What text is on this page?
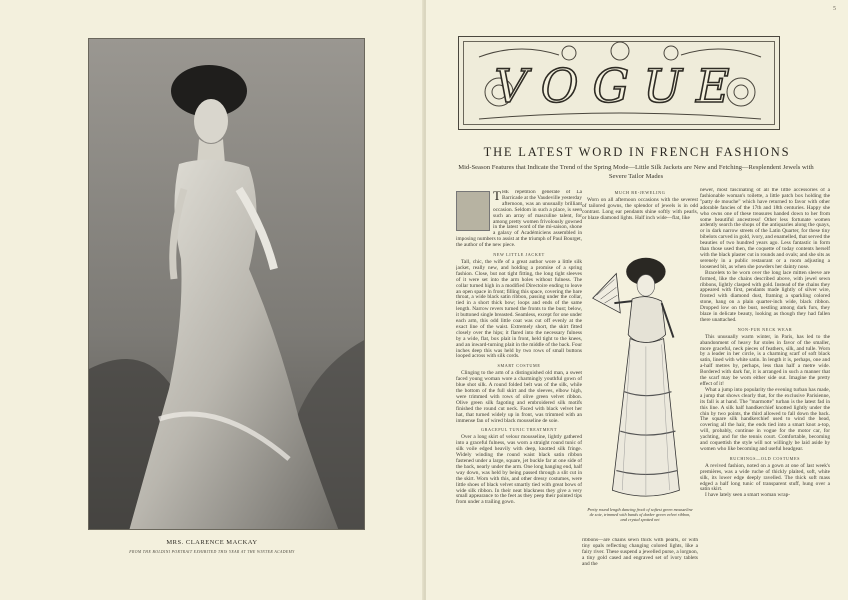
MRS. CLARENCE MACKAY
FROM THE BOLDINI PORTRAIT EXHIBITED THIS YEAR AT THE WINTER ACADEMY
5
VOGUE
THE LATEST WORD IN FRENCH FASHIONS
Mid-Season Features that Indicate the Trend of the Spring Mode—Little Silk Jackets are New and Fetching—Resplendent Jewels with Severe Tailor Mades
T HE répétition générale of La Barricade at the Vaudeville yesterday afternoon, was an unusually brilliant occasion. Seldom in such a place, is seen such an array of masculine talent, for among pretty women frivolously gowned in the latest word of the mi-saison, shone a galaxy of Académiciens assembled in imposing numbers to assist at the triumph of Paul Bourget, the author of the new piece.
NEW LITTLE JACKET

Tall, chic, the wife of a great author wore a little silk jacket, really new, and holding a promise of a spring fashion. Close, but not tight fitting, the long tight sleeves of it were set into the arm holes without fulness. The collar turned high in a modified Directoire ending to leave an open space in front; filling this space, covering the bare throat, a wide black satin ribbon, passing under the collar, tied in a short thick bow; loops and ends of the same length. Narrow revers turned the fronts to the bust; below, it buttoned single breasted. Seamless, except for one under each arm, this odd little coat was cut off evenly at the exact line of the waist. Extremely short, the skirt fitted closely over the hips; it flared into the necessary fulness by a wide, flat, box plait in front, held tight to the knees, and an inward-turning plait in the middle of the back. Four inches deep this was held by two rows of small buttons looped across with silk cords.

SMART COSTUME

Clinging to the arm of a distinguished old man, a sweet faced young woman wore a charmingly youthful gown of blue shot silk. A round folded belt was of the silk, while the bottom of the full skirt and the sleeves, elbow high, were trimmed with rows of olive green velvet ribbon. Olive green silk fagoting and embroidered silk motifs finished the round cut neck. Faced with black velvet her hat, that turned widely up in front, was trimmed with an immense fan of wired black mousseline de soie.

GRACEFUL TUNIC TREATMENT

Over a long skirt of velour mousseline, lightly gathered into a graceful fulness, was worn a straight round tunic of silk voile edged heavily with deep, knotted silk fringe. Widely winding the round waist black satin ribbon fastened under a large, square, jet buckle far at one side of the back, nearly under the arm. One long hanging end, half way down, was held by being passed through a slit cut in the skirt. Worn with this, and other dressy costumes, were little shoes of black velvet smartly tied with great bows of wide silk ribbon. In their neat blackness they give a very small appearance to the feet as they peep their pointed tips from under a trailing gown.

MUCH BE-JEWELING

Worn on all afternoon occasions with the severest of tailored gowns, the splendor of jewels is in odd contrast. Long ear pendants shine softly with pearls, or blaze diamond lights. Half inch wide—flat, like

Pretty round length dancing frock of softest green mousseline de soie, trimmed with bands of darker green velvet ribbon, and crystal spotted net

ribbons—are chains sewn thick with pearls, or with tiny opals reflecting changing colored lights, like a fairy river. These suspend a jewelled purse, a lorgnon, a tiny gold cased and engraved set of ivory tablets and the

newer, most fascinating of all the little accessories of a fashionable woman's toilette, a little patch box holding the "patty de mouche" which have returned to favor with other adorable fancies of the 17th and 18th centuries. Happy she who owns one of these treasures handed down to her from some beautiful ancestress! Other less fortunate women ardently search the shops of the antiquaries along the quays, or in dark narrow streets of the Latin Quarter, for these tiny bibelots carved in gold, ivory, and enamelled, that served the beauties of two hundred years ago. Less fantastic in form than those used then, the coquette of today contents herself with the black plaster cut in rounds and ovals; and she sits as serenely in a public restaurant or a room adjusting a loosened bit, as when she powders her dainty nose.

Bracelets to be worn over the long lace mitten sleeve are formed, like the chains described above, with jewel sewn ribbons, lightly clasped with gold. Instead of the chains they appeared with first, pendants made lightly of silver wire, frosted with diamond dust, framing a sparkling colored stone, hang on a plain quarter-inch wide, black ribbon. Dropped low on the bust, nestling among dark furs, they blaze in delicate beauty, looking as though they had fallen there unattached.

NON-FUR NECK WEAR

This unusually warm winter, in Paris, has led to the abandonment of heavy fur stoles in favor of the smaller, more graceful, neck pieces of feathers, silk, and tulle. Worn by a leader in her circle, is a charming scarf of soft black satin, lined with white satin. In length it is, perhaps, one and a-half metres by, perhaps, less than half a metre wide. Bordered with dark fur, it is arranged in such a manner that the scarf may be worn either side out. Imagine the pretty effect of it!

What a jump into popularity the evening turban has made, a jump that shows clearly that, for the exclusive Parisienne, its fall is at hand. The "marmotte" turban is the latest fad in this line. A silk half handkerchief knotted lightly under the chin by two points, the third allowed to fall down the back. The square silk handkerchief used to wind the head, covering all the hair, the ends tied into a smart knot a-top, will, probably, continue in vogue for the motor car, for yachting, and for the tennis court. Comfortable, becoming and coquettish the style will not willingly be laid aside by women who like becoming and useful headgear.

RUCHINGS—OLD COSTUMES

A revived fashion, noted on a gown at one of last week's premières, was a wide ruche of thickly plaited, soft, white silk, its lower edge deeply ravelled. The thick soft mass edged a half long tunic of transparent stuff, hung over a satin skirt.

I have lately seen a smart woman wrap-
